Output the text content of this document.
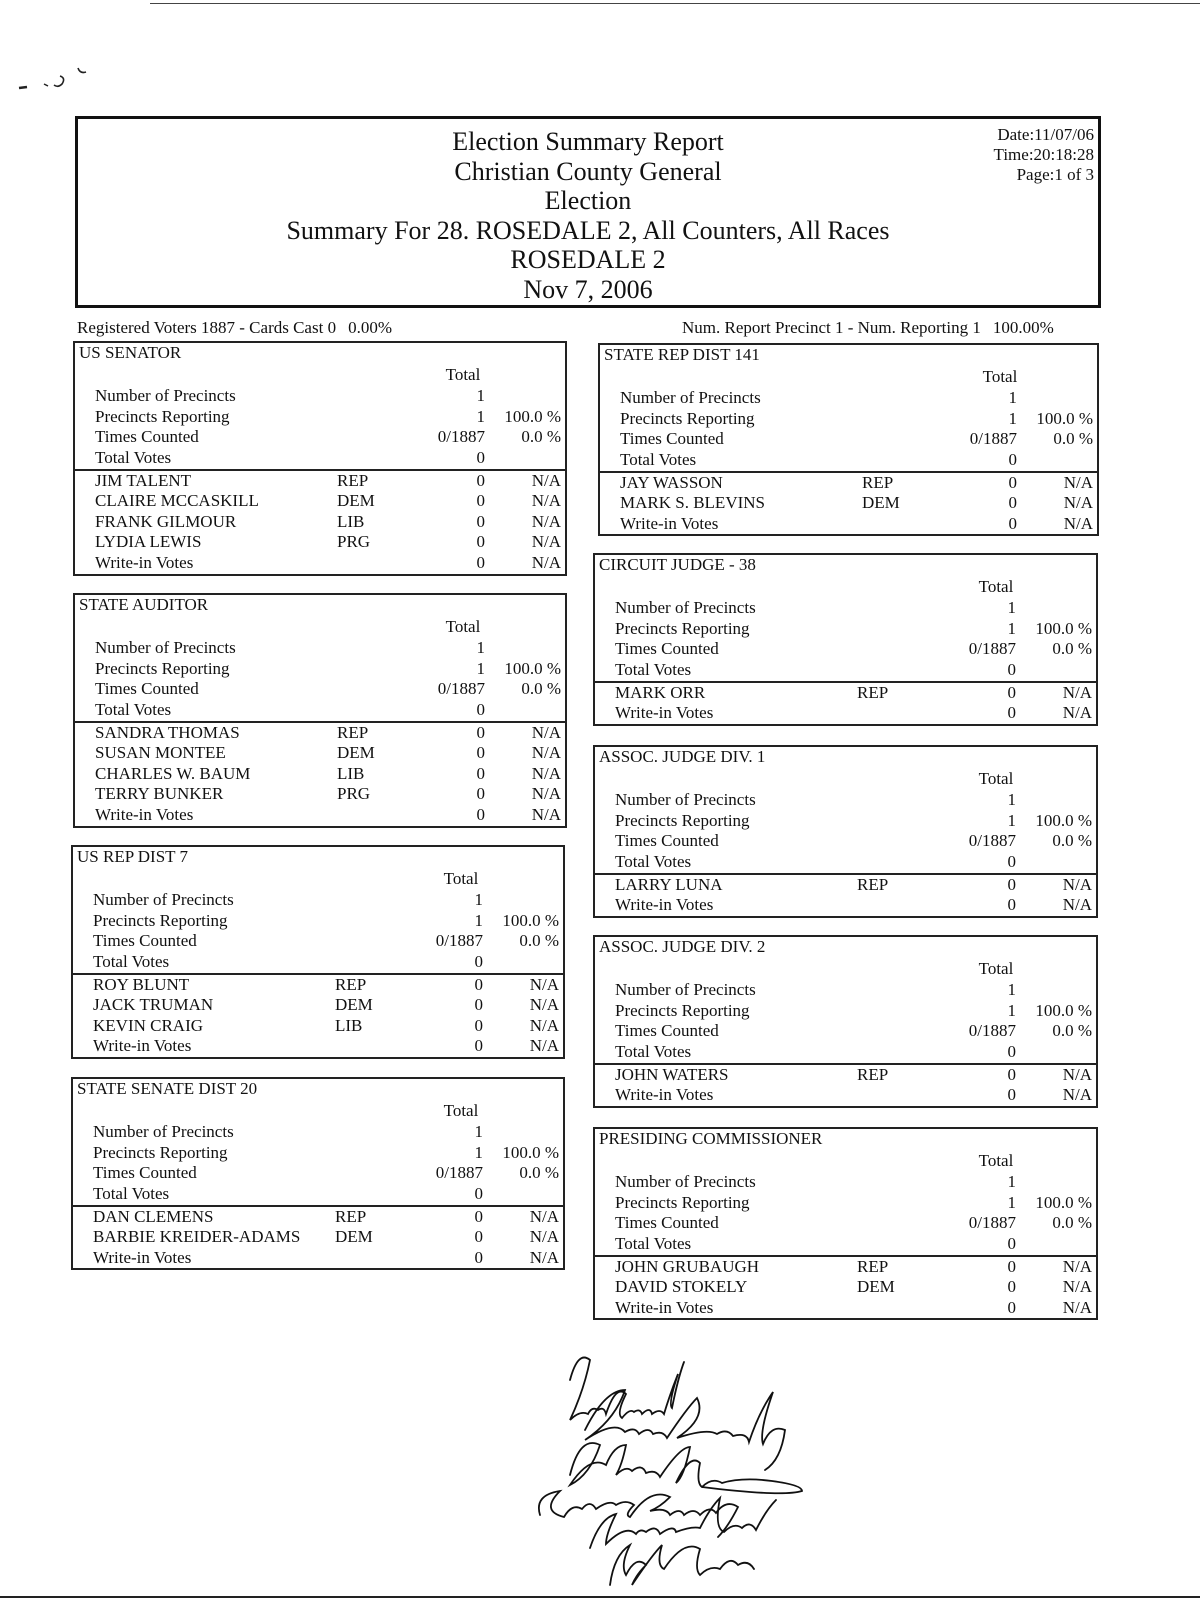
Election Summary Report
Christian County General
Election
Summary For 28. ROSEDALE 2, All Counters, All Races
ROSEDALE 2
Nov 7, 2006
Date:11/07/06
Time:20:18:28
Page:1 of 3
Registered Voters 1887 - Cards Cast 0 0.00%	Num. Report Precinct 1 - Num. Reporting 1 100.00%
US SENATOR
Total
Number of Precincts	1
Precincts Reporting	1 100.0 %
Times Counted	0/1887 0.0 %
Total Votes	0
JIM TALENT	REP	0	N/A
CLAIRE MCCASKILL	DEM	0	N/A
FRANK GILMOUR	LIB	0	N/A
LYDIA LEWIS	PRG	0	N/A
Write-in Votes	0	N/A
STATE AUDITOR
Total
Number of Precincts	1
Precincts Reporting	1 100.0 %
Times Counted	0/1887 0.0 %
Total Votes	0
SANDRA THOMAS	REP	0	N/A
SUSAN MONTEE	DEM	0	N/A
CHARLES W. BAUM	LIB	0	N/A
TERRY BUNKER	PRG	0	N/A
Write-in Votes	0	N/A
US REP DIST 7
Total
Number of Precincts	1
Precincts Reporting	1 100.0 %
Times Counted	0/1887 0.0 %
Total Votes	0
ROY BLUNT	REP	0	N/A
JACK TRUMAN	DEM	0	N/A
KEVIN CRAIG	LIB	0	N/A
Write-in Votes	0	N/A
STATE SENATE DIST 20
Total
Number of Precincts	1
Precincts Reporting	1 100.0 %
Times Counted	0/1887 0.0 %
Total Votes	0
DAN CLEMENS	REP	0	N/A
BARBIE KREIDER-ADAMS DEM	0	N/A
Write-in Votes	0	N/A
STATE REP DIST 141
Total
Number of Precincts	1
Precincts Reporting	1 100.0 %
Times Counted	0/1887 0.0 %
Total Votes	0
JAY WASSON	REP	0	N/A
MARK S. BLEVINS	DEM	0	N/A
Write-in Votes	0	N/A
CIRCUIT JUDGE - 38
Total
Number of Precincts	1
Precincts Reporting	1 100.0 %
Times Counted	0/1887 0.0 %
Total Votes	0
MARK ORR	REP	0	N/A
Write-in Votes	0	N/A
ASSOC. JUDGE DIV. 1
Total
Number of Precincts	1
Precincts Reporting	1 100.0 %
Times Counted	0/1887 0.0 %
Total Votes	0
LARRY LUNA	REP	0	N/A
Write-in Votes	0	N/A
ASSOC. JUDGE DIV. 2
Total
Number of Precincts	1
Precincts Reporting	1 100.0 %
Times Counted	0/1887 0.0 %
Total Votes	0
JOHN WATERS	REP	0	N/A
Write-in Votes	0	N/A
PRESIDING COMMISSIONER
Total
Number of Precincts	1
Precincts Reporting	1 100.0 %
Times Counted	0/1887 0.0 %
Total Votes	0
JOHN GRUBAUGH	REP	0	N/A
DAVID STOKELY	DEM	0	N/A
Write-in Votes	0	N/A
